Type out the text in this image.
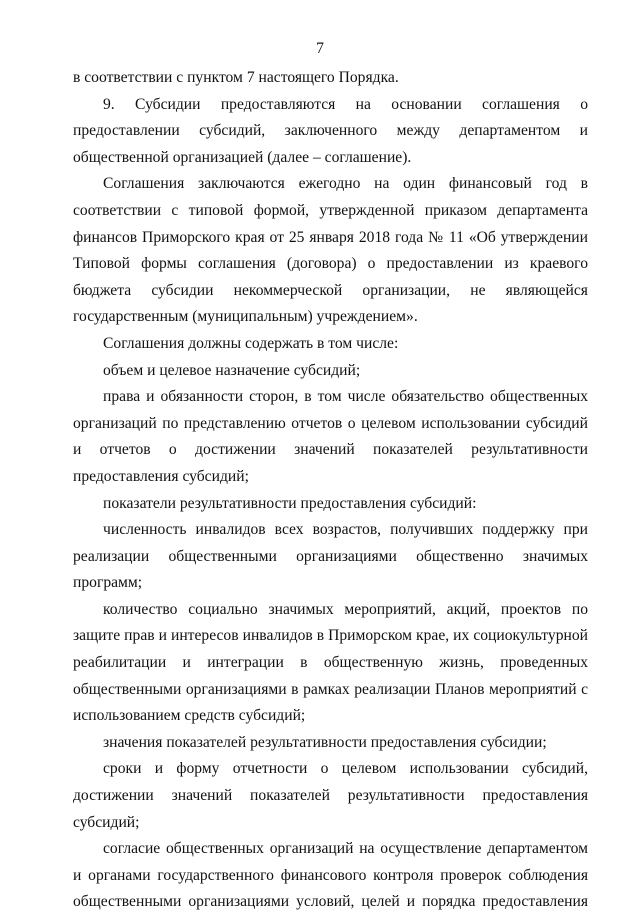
7

в соответствии с пунктом 7 настоящего Порядка.

9. Субсидии предоставляются на основании соглашения о предоставлении субсидий, заключенного между департаментом и общественной организацией (далее – соглашение).

Соглашения заключаются ежегодно на один финансовый год в соответствии с типовой формой, утвержденной приказом департамента финансов Приморского края от 25 января 2018 года № 11 «Об утверждении Типовой формы соглашения (договора) о предоставлении из краевого бюджета субсидии некоммерческой организации, не являющейся государственным (муниципальным) учреждением».

Соглашения должны содержать в том числе:

объем и целевое назначение субсидий;

права и обязанности сторон, в том числе обязательство общественных организаций по представлению отчетов о целевом использовании субсидий и отчетов о достижении значений показателей результативности предоставления субсидий;

показатели результативности предоставления субсидий:

численность инвалидов всех возрастов, получивших поддержку при реализации общественными организациями общественно значимых программ;

количество социально значимых мероприятий, акций, проектов по защите прав и интересов инвалидов в Приморском крае, их социокультурной реабилитации и интеграции в общественную жизнь, проведенных общественными организациями в рамках реализации Планов мероприятий с использованием средств субсидий;

значения показателей результативности предоставления субсидии;

сроки и форму отчетности о целевом использовании субсидий, достижении значений показателей результативности предоставления субсидий;

согласие общественных организаций на осуществление департаментом и органами государственного финансового контроля проверок соблюдения общественными организациями условий, целей и порядка предоставления
